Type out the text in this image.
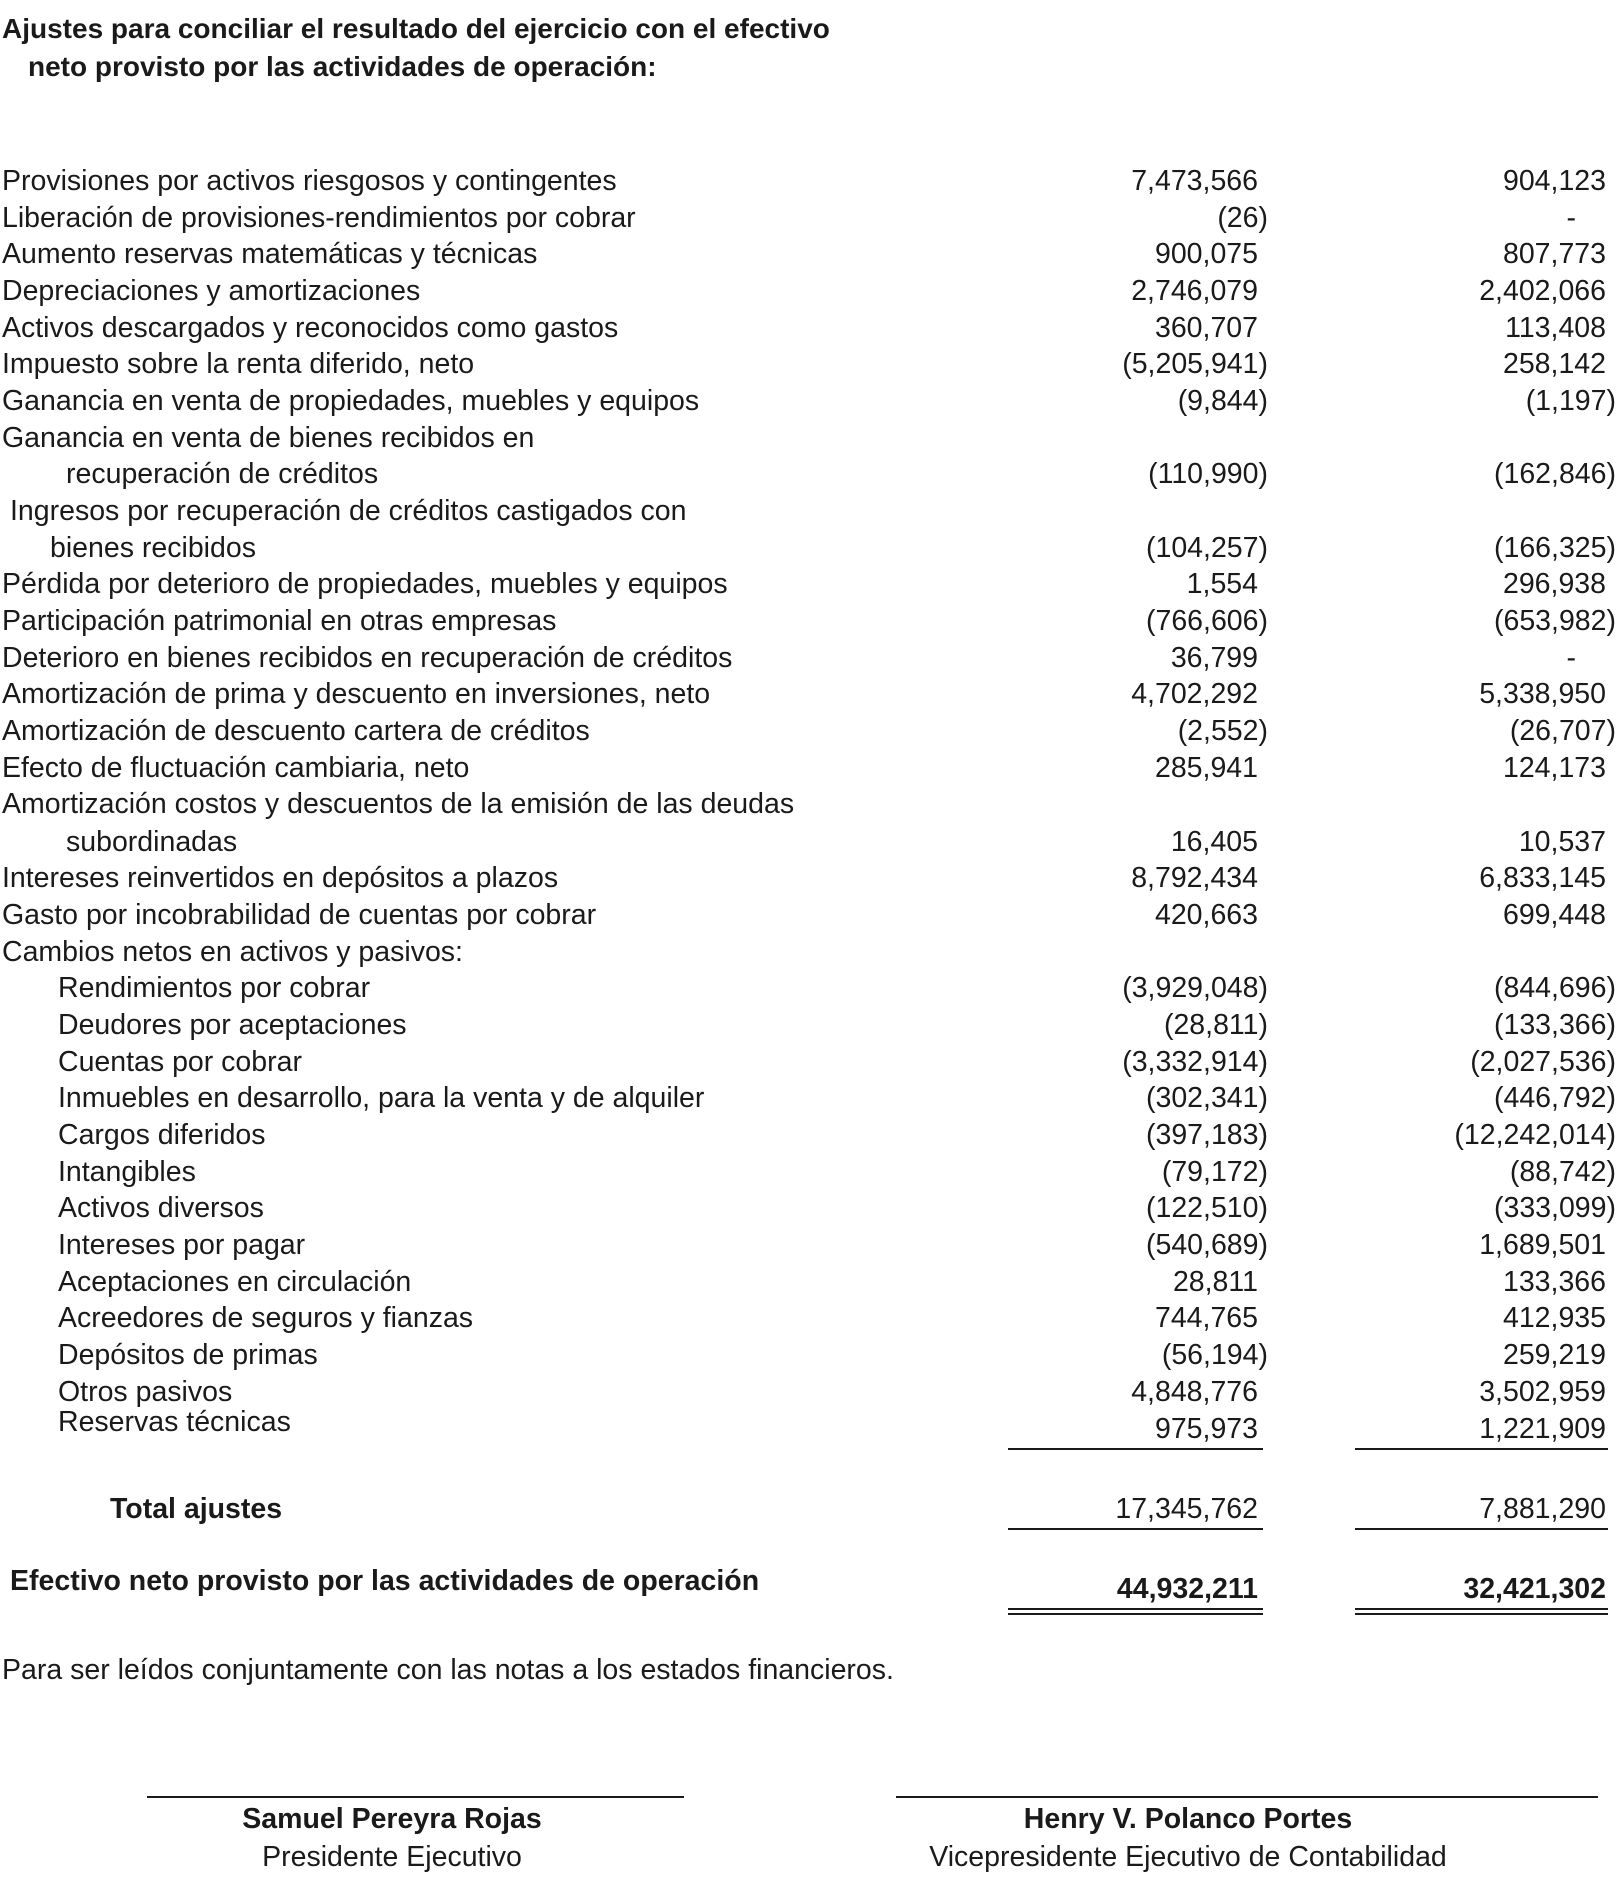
Ajustes para conciliar el resultado del ejercicio con el efectivo
neto provisto por las actividades de operación:
Provisiones por activos riesgosos y contingentes	7,473,566	904,123
Liberación de provisiones-rendimientos por cobrar	(26)	-
Aumento reservas matemáticas y técnicas	900,075	807,773
Depreciaciones y amortizaciones	2,746,079	2,402,066
Activos descargados y reconocidos como gastos	360,707	113,408
Impuesto sobre la renta diferido, neto	(5,205,941)	258,142
Ganancia en venta de propiedades, muebles y equipos	(9,844)	(1,197)
Ganancia en venta de bienes recibidos en
recuperación de créditos	(110,990)	(162,846)
Ingresos por recuperación de créditos castigados con
bienes recibidos	(104,257)	(166,325)
Pérdida por deterioro de propiedades, muebles y equipos	1,554	296,938
Participación patrimonial en otras empresas	(766,606)	(653,982)
Deterioro en bienes recibidos en recuperación de créditos	36,799	-
Amortización de prima y descuento en inversiones, neto	4,702,292	5,338,950
Amortización de descuento cartera de créditos	(2,552)	(26,707)
Efecto de fluctuación cambiaria, neto	285,941	124,173
Amortización costos y descuentos de la emisión de las deudas
subordinadas	16,405	10,537
Intereses reinvertidos en depósitos a plazos	8,792,434	6,833,145
Gasto por incobrabilidad de cuentas por cobrar	420,663	699,448
Cambios netos en activos y pasivos:
Rendimientos por cobrar	(3,929,048)	(844,696)
Deudores por aceptaciones	(28,811)	(133,366)
Cuentas por cobrar	(3,332,914)	(2,027,536)
Inmuebles en desarrollo, para la venta y de alquiler	(302,341)	(446,792)
Cargos diferidos	(397,183)	(12,242,014)
Intangibles	(79,172)	(88,742)
Activos diversos	(122,510)	(333,099)
Intereses por pagar	(540,689)	1,689,501
Aceptaciones en circulación	28,811	133,366
Acreedores de seguros y fianzas	744,765	412,935
Depósitos de primas	(56,194)	259,219
Otros pasivos	4,848,776	3,502,959
Reservas técnicas	975,973	1,221,909
Total ajustes	17,345,762	7,881,290
Efectivo neto provisto por las actividades de operación	44,932,211	32,421,302
Para ser leídos conjuntamente con las notas a los estados financieros.
Samuel Pereyra Rojas
Presidente Ejecutivo
Henry V. Polanco Portes
Vicepresidente Ejecutivo de Contabilidad
